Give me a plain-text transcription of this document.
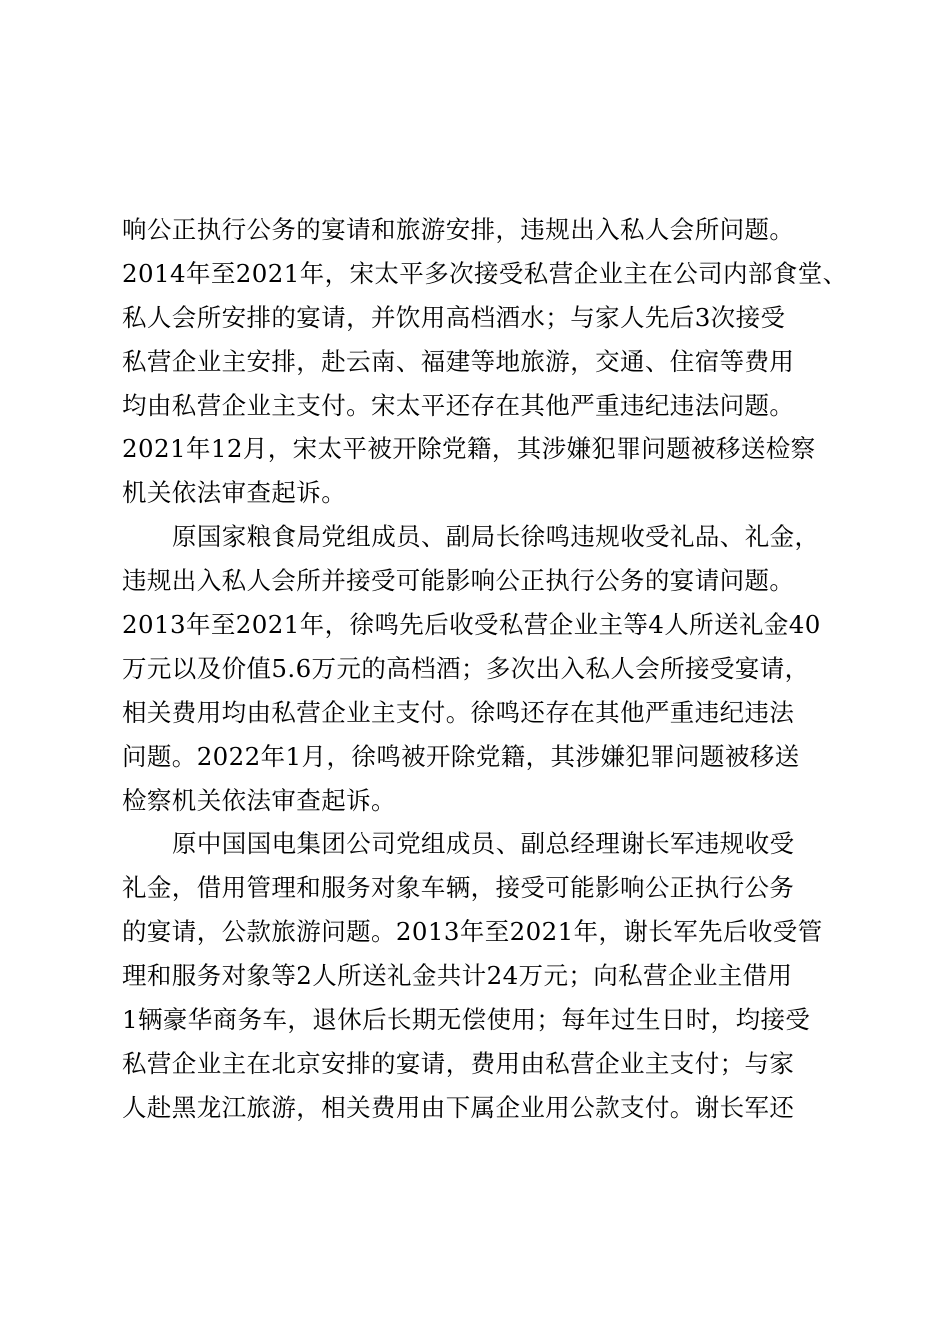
响公正执行公务的宴请和旅游安排，违规出入私人会所问题。
2014年至2021年，宋太平多次接受私营企业主在公司内部食堂、
私人会所安排的宴请，并饮用高档酒水；与家人先后3次接受
私营企业主安排，赴云南、福建等地旅游，交通、住宿等费用
均由私营企业主支付。宋太平还存在其他严重违纪违法问题。
2021年12月，宋太平被开除党籍，其涉嫌犯罪问题被移送检察
机关依法审查起诉。
原国家粮食局党组成员、副局长徐鸣违规收受礼品、礼金，
违规出入私人会所并接受可能影响公正执行公务的宴请问题。
2013年至2021年，徐鸣先后收受私营企业主等4人所送礼金40
万元以及价值5.6万元的高档酒；多次出入私人会所接受宴请，
相关费用均由私营企业主支付。徐鸣还存在其他严重违纪违法
问题。2022年1月，徐鸣被开除党籍，其涉嫌犯罪问题被移送
检察机关依法审查起诉。
原中国国电集团公司党组成员、副总经理谢长军违规收受
礼金，借用管理和服务对象车辆，接受可能影响公正执行公务
的宴请，公款旅游问题。2013年至2021年，谢长军先后收受管
理和服务对象等2人所送礼金共计24万元；向私营企业主借用
1辆豪华商务车，退休后长期无偿使用；每年过生日时，均接受
私营企业主在北京安排的宴请，费用由私营企业主支付；与家
人赴黑龙江旅游，相关费用由下属企业用公款支付。谢长军还
